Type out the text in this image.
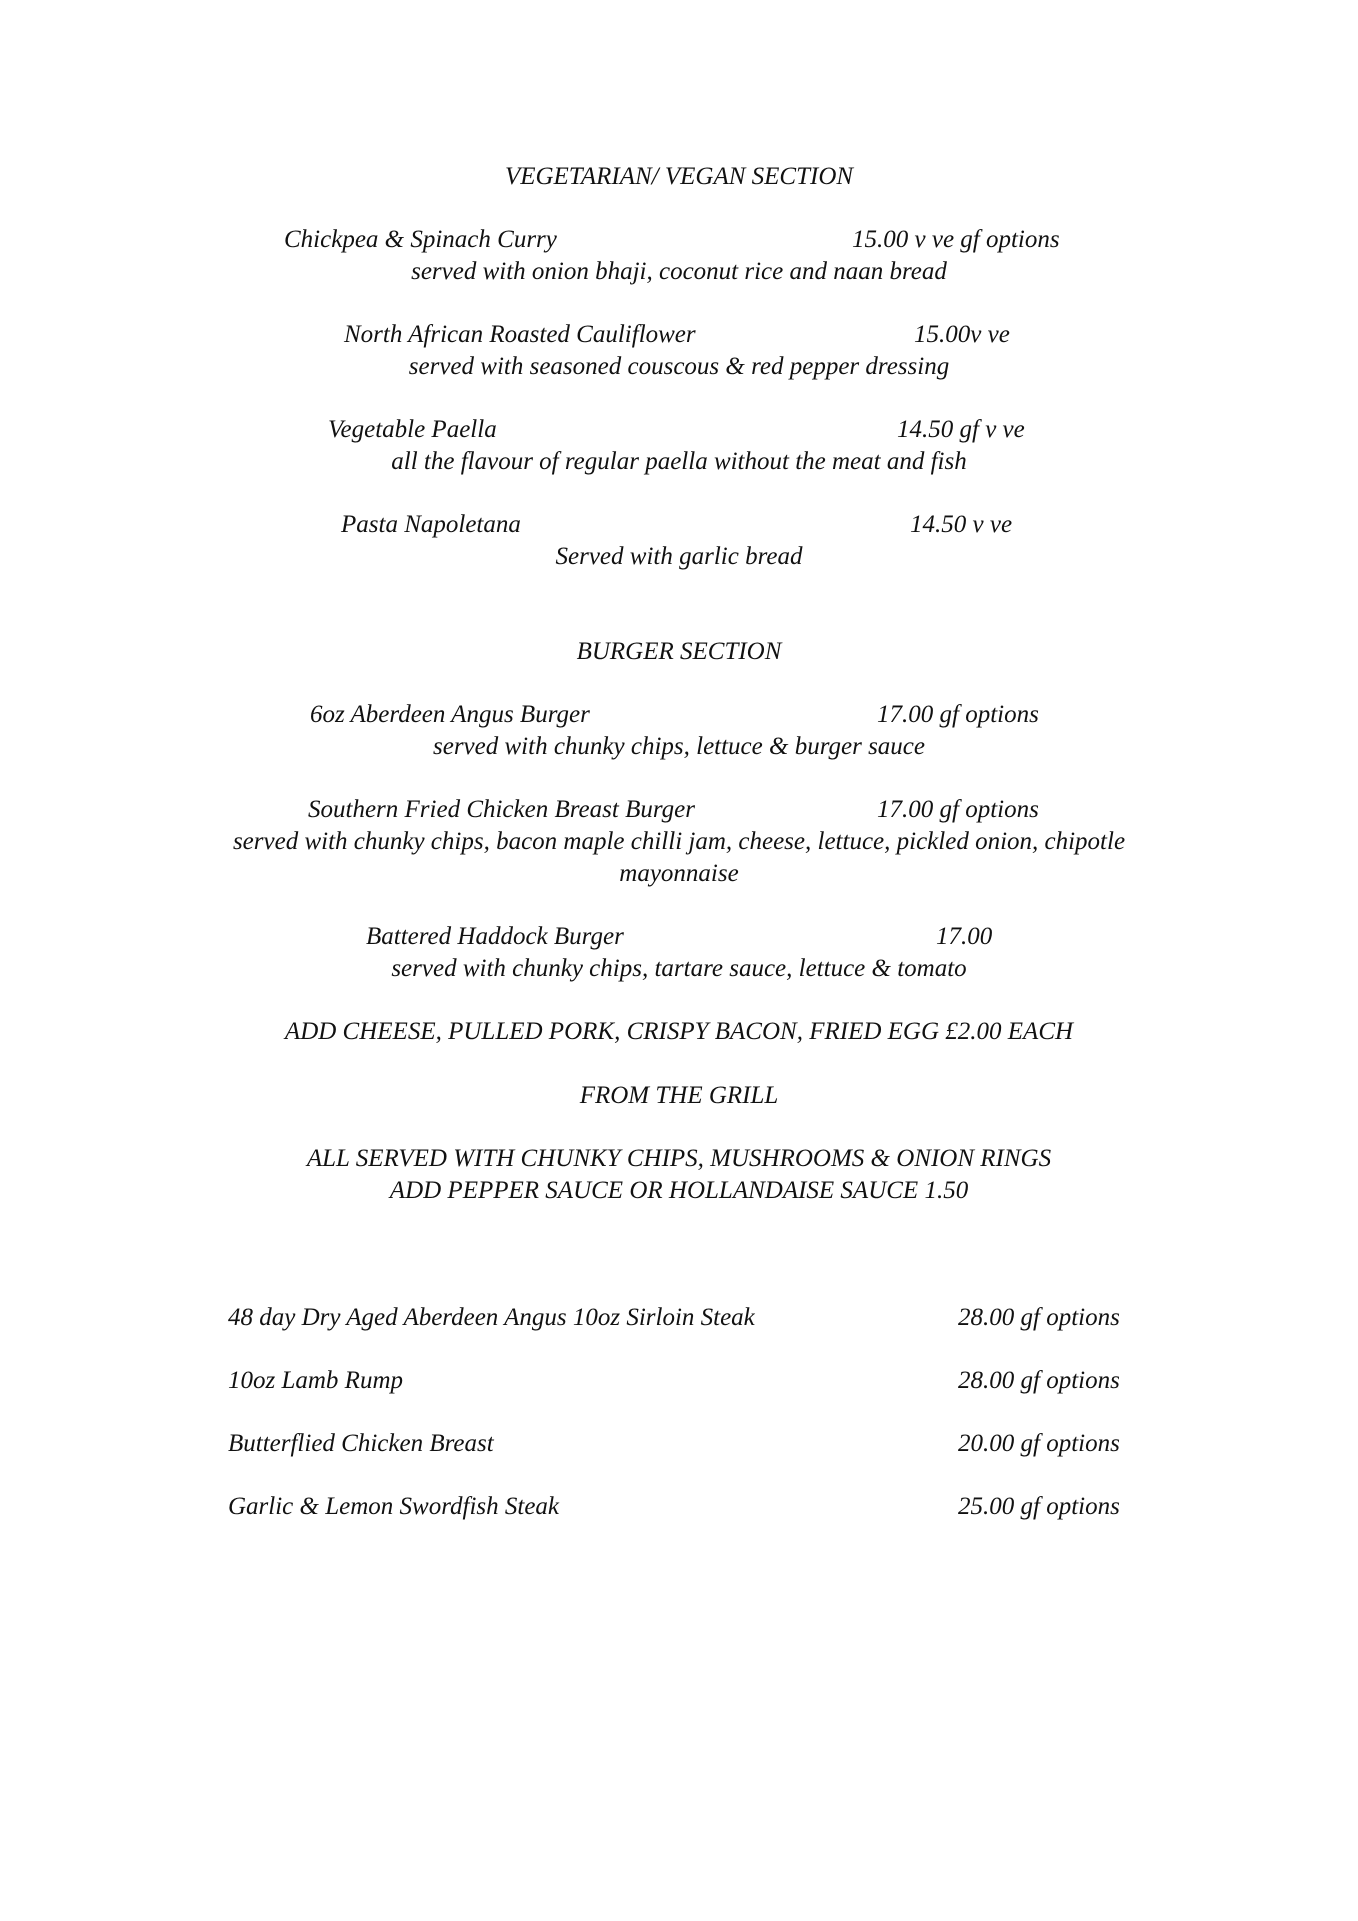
VEGETARIAN/ VEGAN SECTION
Chickpea & Spinach Curry	15.00 v ve gf options
served with onion bhaji, coconut rice and naan bread
North African Roasted Cauliflower	15.00v ve
served with seasoned couscous & red pepper dressing
Vegetable Paella	14.50 gf v ve
all the flavour of regular paella without the meat and fish
Pasta Napoletana	14.50 v ve
Served with garlic bread
BURGER SECTION
6oz Aberdeen Angus Burger	17.00 gf options
served with chunky chips, lettuce & burger sauce
Southern Fried Chicken Breast Burger	17.00 gf options
served with chunky chips, bacon maple chilli jam, cheese, lettuce, pickled onion, chipotle
mayonnaise
Battered Haddock Burger	17.00
served with chunky chips, tartare sauce, lettuce & tomato
ADD CHEESE, PULLED PORK, CRISPY BACON, FRIED EGG £2.00 EACH
FROM THE GRILL
ALL SERVED WITH CHUNKY CHIPS, MUSHROOMS & ONION RINGS
ADD PEPPER SAUCE OR HOLLANDAISE SAUCE 1.50
48 day Dry Aged Aberdeen Angus 10oz Sirloin Steak	28.00 gf options
10oz Lamb Rump	28.00 gf options
Butterflied Chicken Breast	20.00 gf options
Garlic & Lemon Swordfish Steak	25.00 gf options
